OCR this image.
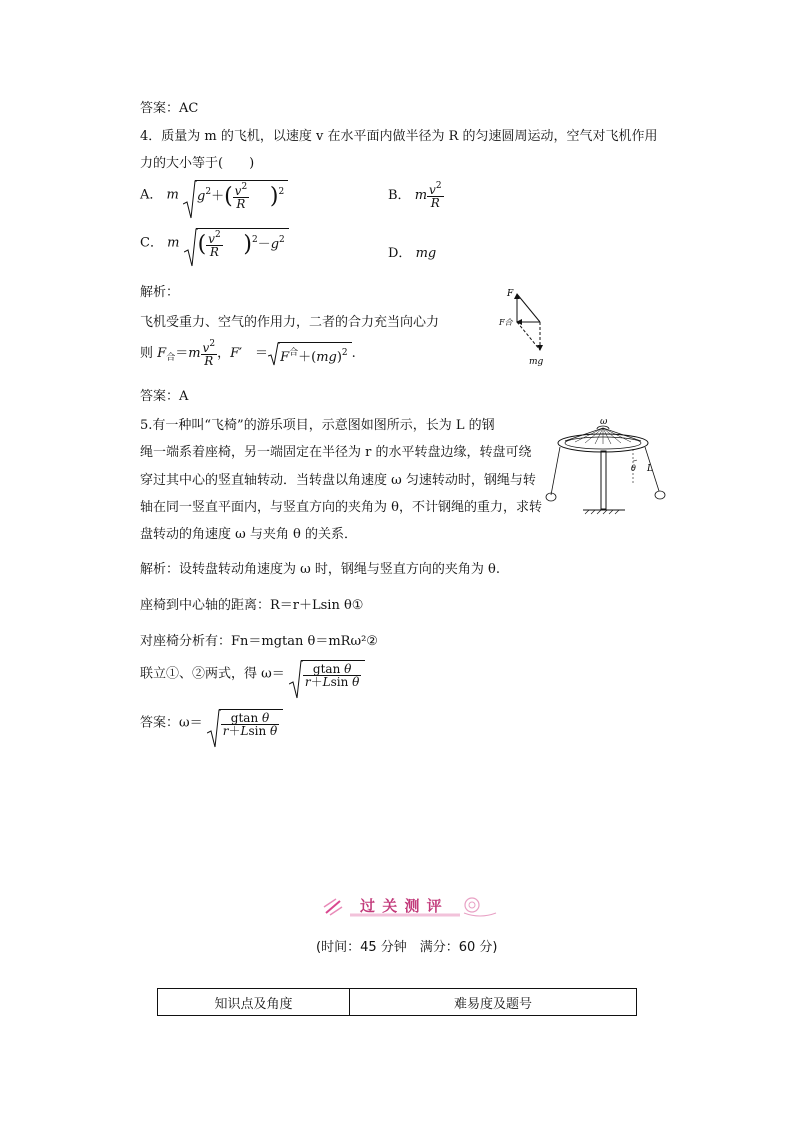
答案：AC
4．质量为 m 的飞机，以速度 v 在水平面内做半径为 R 的匀速圆周运动，空气对飞机作用
力的大小等于(　　)
A． m $g^2+( \frac{v^2}{R} )^2$	B． m $\frac{v^2}{R}$
C． m ( $\frac{v^2}{R} )^2-g^2$
D． mg
解析：
飞机受重力、空气的作用力，二者的合力充当向心力
F
F合
mg
则 $F_合=m \frac{v^2}{R}$ ，F′　＝ $F^合+(mg)^2$ .
答案：A
5.有一种叫“飞椅”的游乐项目，示意图如图所示，长为 L 的钢
绳一端系着座椅，另一端固定在半径为 r 的水平转盘边缘，转盘可绕
穿过其中心的竖直轴转动．当转盘以角速度 ω 匀速转动时，钢绳与转
轴在同一竖直平面内，与竖直方向的夹角为 θ，不计钢绳的重力，求转
盘转动的角速度 ω 与夹角 θ 的关系．
ω
θ L
解析：设转盘转动角速度为 ω 时，钢绳与竖直方向的夹角为 θ.
座椅到中心轴的距离：R＝r＋Lsin θ①
对座椅分析有：Fn＝mgtan θ＝mRω²②
联立①、②两式，得 $\omega= \frac{\text{gtan θ}}{\text{r＋Lsin θ}}$
答案：$\omega= \frac{\text{gtan θ}}{\text{r＋Lsin θ}}$
过 关 测 评
(时间：45 分钟　满分：60 分)
知识点及角度	难易度及题号
